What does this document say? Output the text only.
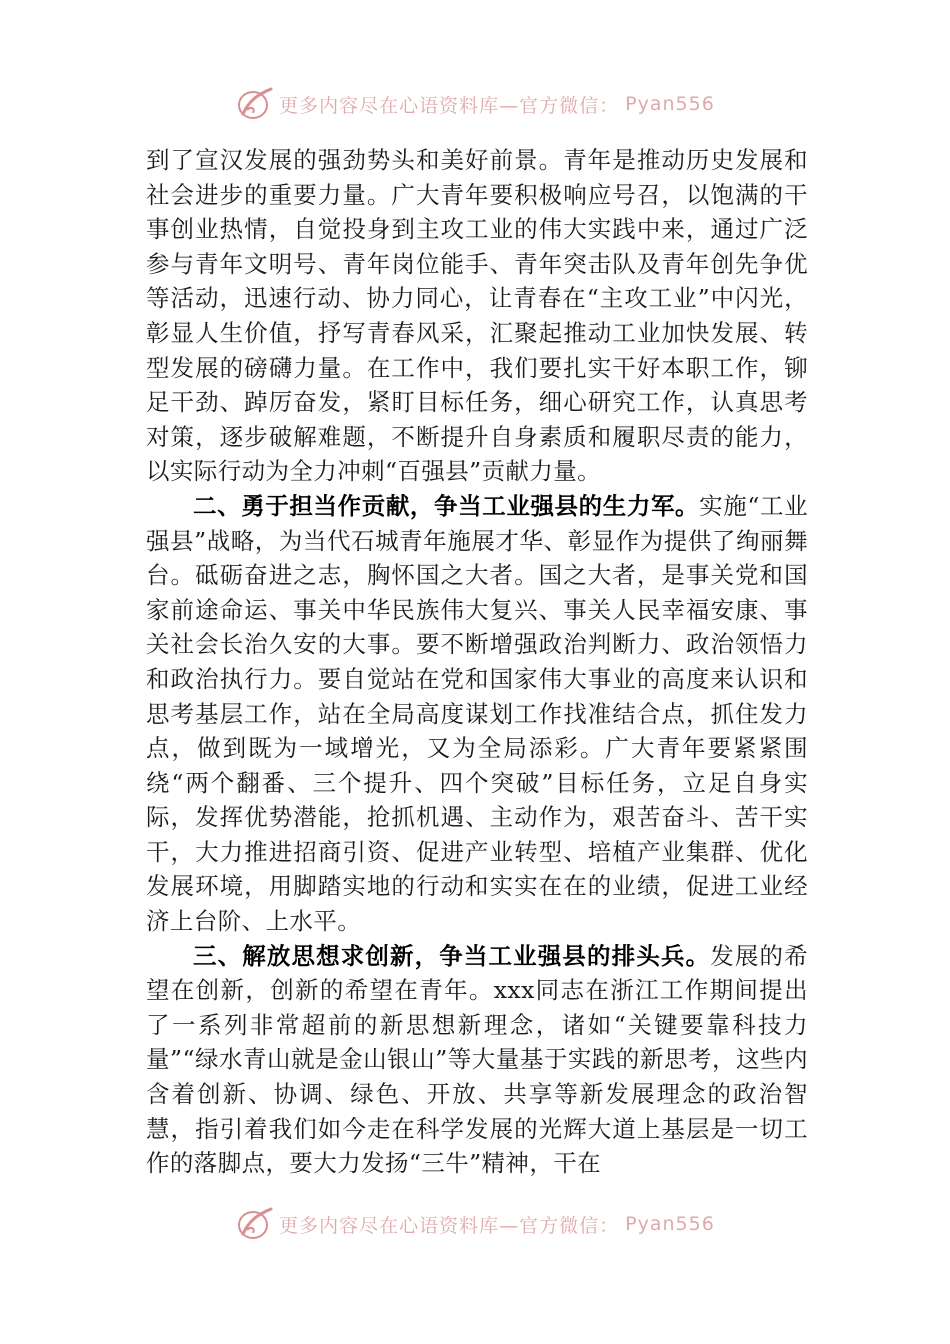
更多内容尽在心语资料库—官方微信： Pyan556

到了宣汉发展的强劲势头和美好前景。青年是推动历史发展和社会进步的重要力量。广大青年要积极响应号召，以饱满的干事创业热情，自觉投身到主攻工业的伟大实践中来，通过广泛参与青年文明号、青年岗位能手、青年突击队及青年创先争优等活动，迅速行动、协力同心，让青春在“主攻工业”中闪光，彰显人生价值，抒写青春风采，汇聚起推动工业加快发展、转型发展的磅礴力量。在工作中，我们要扎实干好本职工作，铆足干劲、踔厉奋发，紧盯目标任务，细心研究工作，认真思考对策，逐步破解难题，不断提升自身素质和履职尽责的能力，以实际行动为全力冲刺“百强县”贡献力量。

二、勇于担当作贡献，争当工业强县的生力军。实施“工业强县”战略，为当代石城青年施展才华、彰显作为提供了绚丽舞台。砥砺奋进之志，胸怀国之大者。国之大者，是事关党和国家前途命运、事关中华民族伟大复兴、事关人民幸福安康、事关社会长治久安的大事。要不断增强政治判断力、政治领悟力和政治执行力。要自觉站在党和国家伟大事业的高度来认识和思考基层工作，站在全局高度谋划工作找准结合点，抓住发力点，做到既为一域增光，又为全局添彩。广大青年要紧紧围绕“两个翻番、三个提升、四个突破”目标任务，立足自身实际，发挥优势潜能，抢抓机遇、主动作为，艰苦奋斗、苦干实干，大力推进招商引资、促进产业转型、培植产业集群、优化发展环境，用脚踏实地的行动和实实在在的业绩，促进工业经济上台阶、上水平。

三、解放思想求创新，争当工业强县的排头兵。发展的希望在创新，创新的希望在青年。xxx同志在浙江工作期间提出了一系列非常超前的新思想新理念，诸如“关键要靠科技力量”“绿水青山就是金山银山”等大量基于实践的新思考，这些内含着创新、协调、绿色、开放、共享等新发展理念的政治智慧，指引着我们如今走在科学发展的光辉大道上基层是一切工作的落脚点，要大力发扬“三牛”精神，干在

更多内容尽在心语资料库—官方微信： Pyan556
